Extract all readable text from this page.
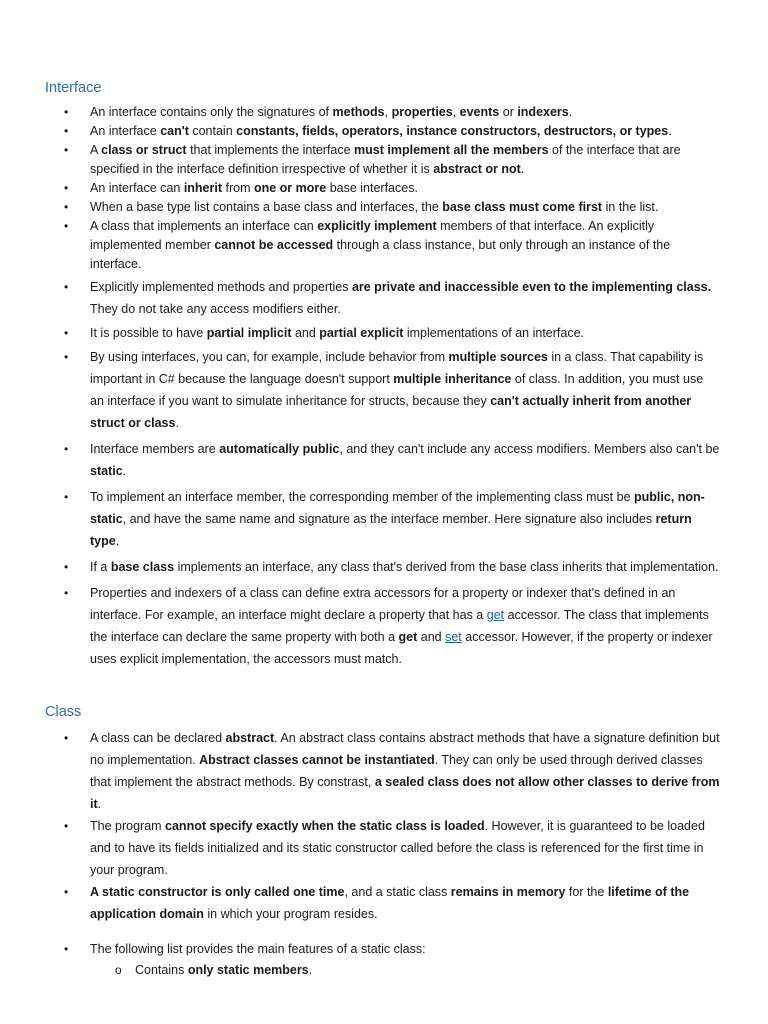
Interface
• An interface contains only the signatures of methods, properties, events or indexers.
• An interface can't contain constants, fields, operators, instance constructors, destructors, or types.
• A class or struct that implements the interface must implement all the members of the interface that are specified in the interface definition irrespective of whether it is abstract or not.
• An interface can inherit from one or more base interfaces.
• When a base type list contains a base class and interfaces, the base class must come first in the list.
• A class that implements an interface can explicitly implement members of that interface. An explicitly implemented member cannot be accessed through a class instance, but only through an instance of the interface.
• Explicitly implemented methods and properties are private and inaccessible even to the implementing class. They do not take any access modifiers either.
• It is possible to have partial implicit and partial explicit implementations of an interface.
• By using interfaces, you can, for example, include behavior from multiple sources in a class. That capability is important in C# because the language doesn't support multiple inheritance of class. In addition, you must use an interface if you want to simulate inheritance for structs, because they can't actually inherit from another struct or class.
• Interface members are automatically public, and they can't include any access modifiers. Members also can't be static.
• To implement an interface member, the corresponding member of the implementing class must be public, non-static, and have the same name and signature as the interface member. Here signature also includes return type.
• If a base class implements an interface, any class that's derived from the base class inherits that implementation.
• Properties and indexers of a class can define extra accessors for a property or indexer that's defined in an interface. For example, an interface might declare a property that has a get accessor. The class that implements the interface can declare the same property with both a get and set accessor. However, if the property or indexer uses explicit implementation, the accessors must match.
Class
• A class can be declared abstract. An abstract class contains abstract methods that have a signature definition but no implementation. Abstract classes cannot be instantiated. They can only be used through derived classes that implement the abstract methods. By constrast, a sealed class does not allow other classes to derive from it.
• The program cannot specify exactly when the static class is loaded. However, it is guaranteed to be loaded and to have its fields initialized and its static constructor called before the class is referenced for the first time in your program.
• A static constructor is only called one time, and a static class remains in memory for the lifetime of the application domain in which your program resides.
• The following list provides the main features of a static class:
o Contains only static members.
